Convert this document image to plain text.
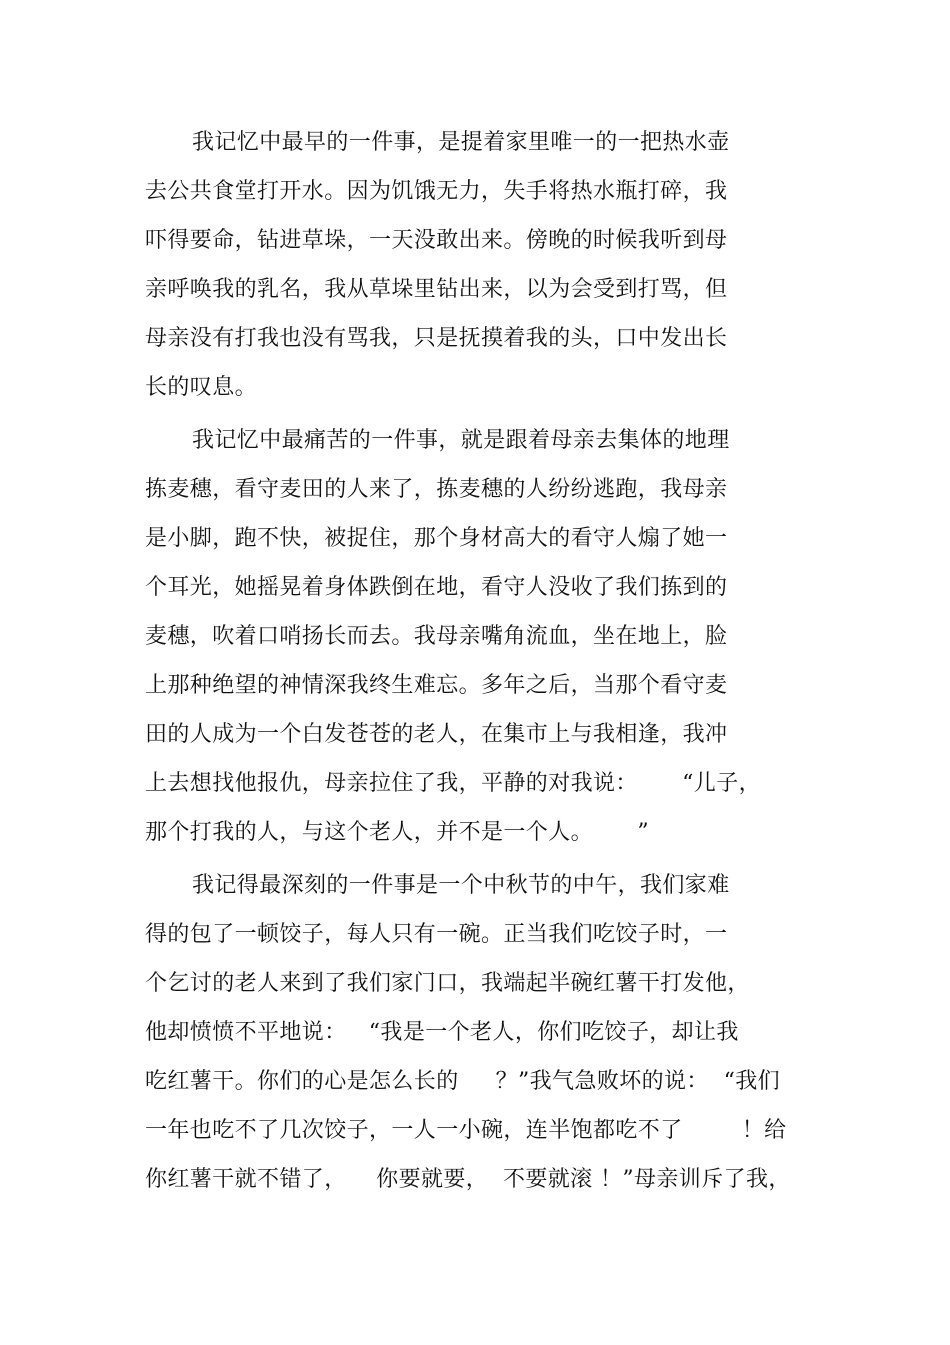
我记忆中最早的一件事，是提着家里唯一的一把热水壶
去公共食堂打开水。因为饥饿无力，失手将热水瓶打碎，我
吓得要命，钻进草垛，一天没敢出来。傍晚的时候我听到母
亲呼唤我的乳名，我从草垛里钻出来，以为会受到打骂，但
母亲没有打我也没有骂我，只是抚摸着我的头，口中发出长
长的叹息。
我记忆中最痛苦的一件事，就是跟着母亲去集体的地理
拣麦穗，看守麦田的人来了，拣麦穗的人纷纷逃跑，我母亲
是小脚，跑不快，被捉住，那个身材高大的看守人煽了她一
个耳光，她摇晃着身体跌倒在地，看守人没收了我们拣到的
麦穗，吹着口哨扬长而去。我母亲嘴角流血，坐在地上，脸
上那种绝望的神情深我终生难忘。多年之后，当那个看守麦
田的人成为一个白发苍苍的老人，在集市上与我相逢，我冲
上去想找他报仇，母亲拉住了我，平静的对我说：      “儿子，
那个打我的人，与这个老人，并不是一个人。      ”
我记得最深刻的一件事是一个中秋节的中午，我们家难
得的包了一顿饺子，每人只有一碗。正当我们吃饺子时，一
个乞讨的老人来到了我们家门口，我端起半碗红薯干打发他，
他却愤愤不平地说：   “我是一个老人，你们吃饺子，却让我
吃红薯干。你们的心是怎么长的     ？”我气急败坏的说：  “我们
一年也吃不了几次饺子，一人一小碗，连半饱都吃不了        ！给
你红薯干就不错了，    你要就要，  不要就滚 ！”母亲训斥了我，
